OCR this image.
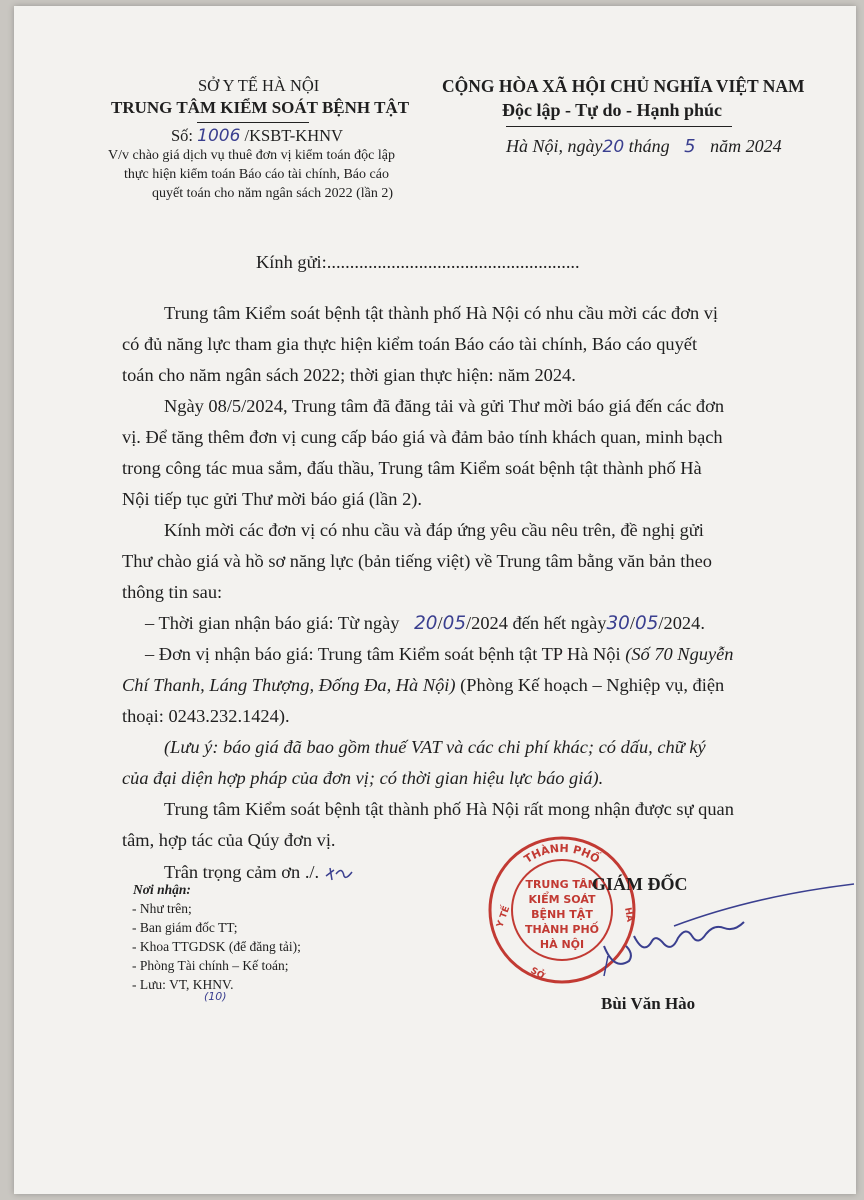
SỞ Y TẾ HÀ NỘI
TRUNG TÂM KIỂM SOÁT BỆNH TẬT
Số: 1006 /KSBT-KHNV
V/v chào giá dịch vụ thuê đơn vị kiểm toán độc lập
thực hiện kiểm toán Báo cáo tài chính, Báo cáo
quyết toán cho năm ngân sách 2022 (lần 2)
CỘNG HÒA XÃ HỘI CHỦ NGHĨA VIỆT NAM
Độc lập - Tự do - Hạnh phúc
Hà Nội, ngày20 tháng 5 năm 2024
Kính gửi:.......................................................
Trung tâm Kiểm soát bệnh tật thành phố Hà Nội có nhu cầu mời các đơn vị
có đủ năng lực tham gia thực hiện kiểm toán Báo cáo tài chính, Báo cáo quyết
toán cho năm ngân sách 2022; thời gian thực hiện: năm 2024.
Ngày 08/5/2024, Trung tâm đã đăng tải và gửi Thư mời báo giá đến các đơn
vị. Để tăng thêm đơn vị cung cấp báo giá và đảm bảo tính khách quan, minh bạch
trong công tác mua sắm, đấu thầu, Trung tâm Kiểm soát bệnh tật thành phố Hà
Nội tiếp tục gửi Thư mời báo giá (lần 2).
Kính mời các đơn vị có nhu cầu và đáp ứng yêu cầu nêu trên, đề nghị gửi
Thư chào giá và hồ sơ năng lực (bản tiếng việt) về Trung tâm bằng văn bản theo
thông tin sau:
– Thời gian nhận báo giá: Từ ngày 20/05/2024 đến hết ngày30/05/2024.
– Đơn vị nhận báo giá: Trung tâm Kiểm soát bệnh tật TP Hà Nội (Số 70 Nguyễn
Chí Thanh, Láng Thượng, Đống Đa, Hà Nội) (Phòng Kế hoạch – Nghiệp vụ, điện
thoại: 0243.232.1424).
(Lưu ý: báo giá đã bao gồm thuế VAT và các chi phí khác; có dấu, chữ ký
của đại diện hợp pháp của đơn vị; có thời gian hiệu lực báo giá).
Trung tâm Kiểm soát bệnh tật thành phố Hà Nội rất mong nhận được sự quan
tâm, hợp tác của Qúy đơn vị.
Trân trọng cảm ơn ./.
Nơi nhận:
- Như trên;
- Ban giám đốc TT;
- Khoa TTGDSK (để đăng tải);
- Phòng Tài chính – Kế toán;
- Lưu: VT, KHNV.
(10)
THÀNH PHỐ
Y TẾ	HÀ
SỞ
TRUNG TÂM
KIỂM SOÁT
BỆNH TẬT
THÀNH PHỐ
HÀ NỘI
GIÁM ĐỐC
Bùi Văn Hào
